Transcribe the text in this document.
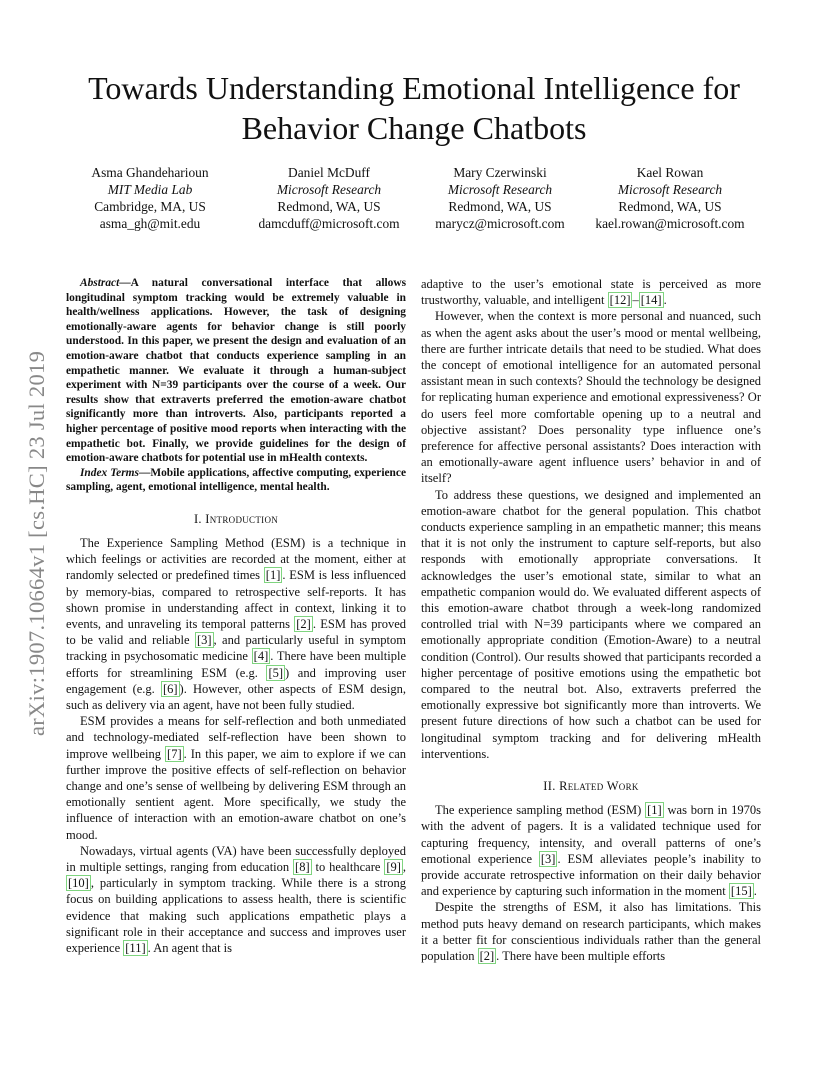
Towards Understanding Emotional Intelligence for
Behavior Change Chatbots
Asma Ghandeharioun
MIT Media Lab
Cambridge, MA, US
asma_gh@mit.edu
Daniel McDuff
Microsoft Research
Redmond, WA, US
damcduff@microsoft.com
Mary Czerwinski
Microsoft Research
Redmond, WA, US
marycz@microsoft.com
Kael Rowan
Microsoft Research
Redmond, WA, US
kael.rowan@microsoft.com
arXiv:1907.10664v1 [cs.HC] 23 Jul 2019

Abstract—A natural conversational interface that allows longitudinal symptom tracking would be extremely valuable in health/wellness applications. However, the task of designing emotionally-aware agents for behavior change is still poorly understood. In this paper, we present the design and evaluation of an emotion-aware chatbot that conducts experience sampling in an empathetic manner. We evaluate it through a human-subject experiment with N=39 participants over the course of a week. Our results show that extraverts preferred the emotion-aware chatbot significantly more than introverts. Also, participants reported a higher percentage of positive mood reports when interacting with the empathetic bot. Finally, we provide guidelines for the design of emotion-aware chatbots for potential use in mHealth contexts.

Index Terms—Mobile applications, affective computing, experience sampling, agent, emotional intelligence, mental health.

I. Introduction

The Experience Sampling Method (ESM) is a technique in which feelings or activities are recorded at the moment, either at randomly selected or predefined times [1] . ESM is less influenced by memory-bias, compared to retrospective self-reports. It has shown promise in understanding affect in context, linking it to events, and unraveling its temporal patterns [2] . ESM has proved to be valid and reliable [3] , and particularly useful in symptom tracking in psychosomatic medicine [4] . There have been multiple efforts for streamlining ESM (e.g. [5] ) and improving user engagement (e.g. [6] ). However, other aspects of ESM design, such as delivery via an agent, have not been fully studied.

ESM provides a means for self-reflection and both unmediated and technology-mediated self-reflection have been shown to improve wellbeing [7] . In this paper, we aim to explore if we can further improve the positive effects of self-reflection on behavior change and one’s sense of wellbeing by delivering ESM through an emotionally sentient agent. More specifically, we study the influence of interaction with an emotion-aware chatbot on one’s mood.

Nowadays, virtual agents (VA) have been successfully deployed in multiple settings, ranging from education [8] to healthcare [9] , [10] , particularly in symptom tracking. While there is a strong focus on building applications to assess health, there is scientific evidence that making such applications empathetic plays a significant role in their acceptance and success and improves user experience [11] . An agent that is

adaptive to the user’s emotional state is perceived as more trustworthy, valuable, and intelligent [12] – [14] .

However, when the context is more personal and nuanced, such as when the agent asks about the user’s mood or mental wellbeing, there are further intricate details that need to be studied. What does the concept of emotional intelligence for an automated personal assistant mean in such contexts? Should the technology be designed for replicating human experience and emotional expressiveness? Or do users feel more comfortable opening up to a neutral and objective assistant? Does personality type influence one’s preference for affective personal assistants? Does interaction with an emotionally-aware agent influence users’ behavior in and of itself?

To address these questions, we designed and implemented an emotion-aware chatbot for the general population. This chatbot conducts experience sampling in an empathetic manner; this means that it is not only the instrument to capture self-reports, but also responds with emotionally appropriate conversations. It acknowledges the user’s emotional state, similar to what an empathetic companion would do. We evaluated different aspects of this emotion-aware chatbot through a week-long randomized controlled trial with N=39 participants where we compared an emotionally appropriate condition (Emotion-Aware) to a neutral condition (Control). Our results showed that participants recorded a higher percentage of positive emotions using the empathetic bot compared to the neutral bot. Also, extraverts preferred the emotionally expressive bot significantly more than introverts. We present future directions of how such a chatbot can be used for longitudinal symptom tracking and for delivering mHealth interventions.

II. Related Work

The experience sampling method (ESM) [1] was born in 1970s with the advent of pagers. It is a validated technique used for capturing frequency, intensity, and overall patterns of one’s emotional experience [3] . ESM alleviates people’s inability to provide accurate retrospective information on their daily behavior and experience by capturing such information in the moment [15] .

Despite the strengths of ESM, it also has limitations. This method puts heavy demand on research participants, which makes it a better fit for conscientious individuals rather than the general population [2] . There have been multiple efforts
